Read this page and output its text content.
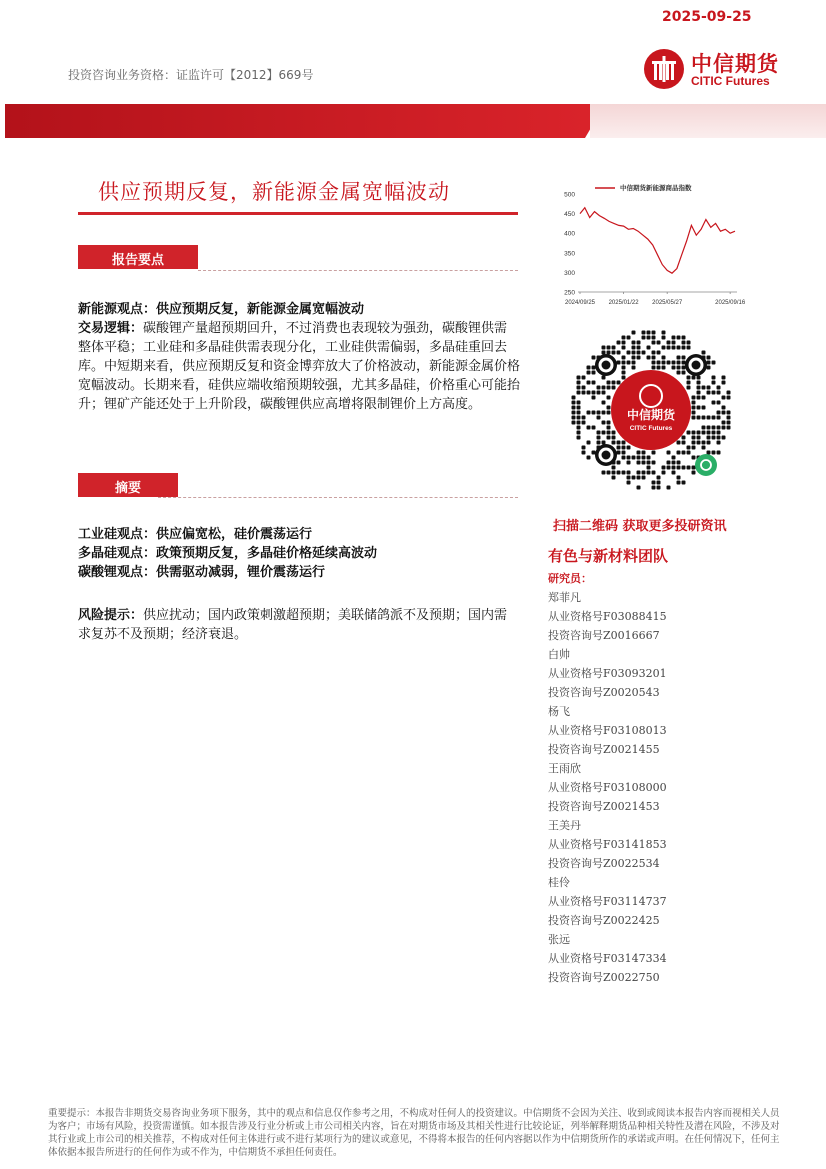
投资咨询业务资格：证监许可【2012】669号	中信期货
CITIC Futures
中信期货研究（新能源金属每日报告）	2025-09-25
供应预期反复，新能源金属宽幅波动
报告要点
新能源观点：供应预期反复，新能源金属宽幅波动
交易逻辑：碳酸锂产量超预期回升，不过消费也表现较为强劲，碳酸锂供需整体平稳；工业硅和多晶硅供需表现分化，工业硅供需偏弱，多晶硅重回去库。中短期来看，供应预期反复和资金博弈放大了价格波动，新能源金属价格宽幅波动。长期来看，硅供应端收缩预期较强，尤其多晶硅，价格重心可能抬升；锂矿产能还处于上升阶段，碳酸锂供应高增将限制锂价上方高度。
摘要
工业硅观点：供应偏宽松，硅价震荡运行
多晶硅观点：政策预期反复，多晶硅价格延续高波动
碳酸锂观点：供需驱动减弱，锂价震荡运行
风险提示：供应扰动；国内政策刺激超预期；美联储鸽派不及预期；国内需求复苏不及预期；经济衰退。
250
300
350
400
450
500
2024/09/25 2025/01/22 2025/05/27	2025/09/16
中信期货新能源商品指数
中信期货
CITIC Futures
扫描二维码 获取更多投研资讯
有色与新材料团队
研究员：
郑菲凡
从业资格号F03088415
投资咨询号Z0016667
白帅
从业资格号F03093201
投资咨询号Z0020543
杨飞
从业资格号F03108013
投资咨询号Z0021455
王雨欣
从业资格号F03108000
投资咨询号Z0021453
王美丹
从业资格号F03141853
投资咨询号Z0022534
桂伶
从业资格号F03114737
投资咨询号Z0022425
张远
从业资格号F03147334
投资咨询号Z0022750
重要提示：本报告非期货交易咨询业务项下服务，其中的观点和信息仅作参考之用，不构成对任何人的投资建议。中信期货不会因为关注、收到或阅读本报告内容而视相关人员为客户；市场有风险，投资需谨慎。如本报告涉及行业分析或上市公司相关内容，旨在对期货市场及其相关性进行比较论证，列举解释期货品种相关特性及潜在风险，不涉及对其行业或上市公司的相关推荐，不构成对任何主体进行或不进行某项行为的建议或意见，不得将本报告的任何内容据以作为中信期货所作的承诺或声明。在任何情况下，任何主体依据本报告所进行的任何作为或不作为，中信期货不承担任何责任。
